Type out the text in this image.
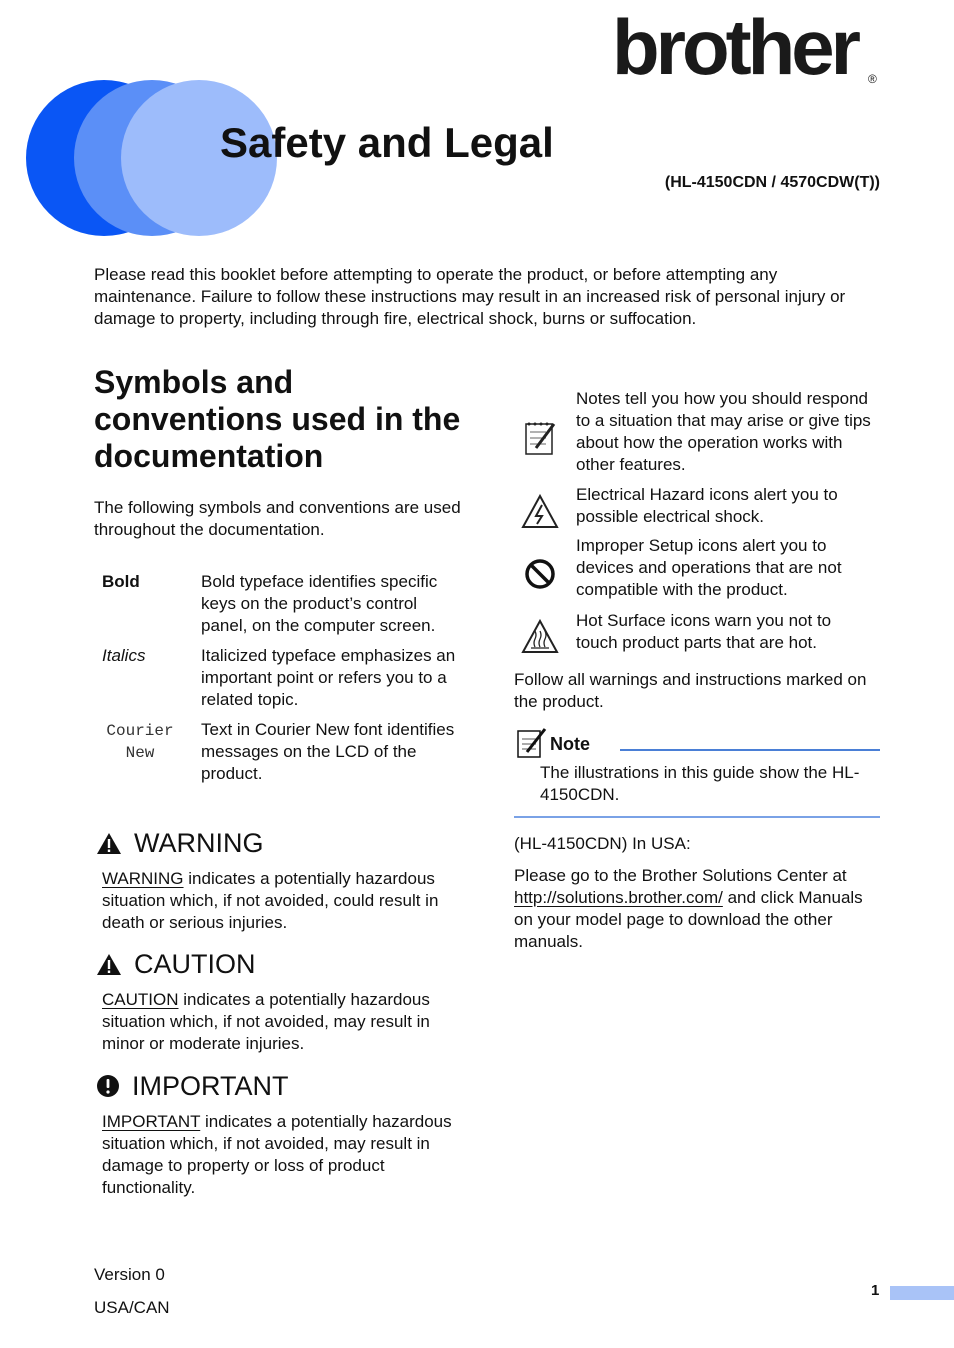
brother ®
Safety and Legal
(HL-4150CDN / 4570CDW(T))
Please read this booklet before attempting to operate the product, or before attempting any maintenance. Failure to follow these instructions may result in an increased risk of personal injury or damage to property, including through fire, electrical shock, burns or suffocation.
Symbols and conventions used in the documentation
The following symbols and conventions are used throughout the documentation.
Bold	Bold typeface identifies specific keys on the product’s control panel, on the computer screen.
Italics	Italicized typeface emphasizes an important point or refers you to a related topic.
Courier New
Text in Courier New font identifies messages on the LCD of the product.
WARNING
WARNING indicates a potentially hazardous situation which, if not avoided, could result in death or serious injuries.
CAUTION
CAUTION indicates a potentially hazardous situation which, if not avoided, may result in minor or moderate injuries.
IMPORTANT
IMPORTANT indicates a potentially hazardous situation which, if not avoided, may result in damage to property or loss of product functionality.
Notes tell you how you should respond to a situation that may arise or give tips about how the operation works with other features.
Electrical Hazard icons alert you to possible electrical shock.
Improper Setup icons alert you to devices and operations that are not compatible with the product.
Hot Surface icons warn you not to touch product parts that are hot.
Follow all warnings and instructions marked on the product.
Note
The illustrations in this guide show the HL-4150CDN.
(HL-4150CDN) In USA:
Please go to the Brother Solutions Center at
http://solutions.brother.com/ and click Manuals on your model page to download the other manuals.
Version 0
USA/CAN
1
